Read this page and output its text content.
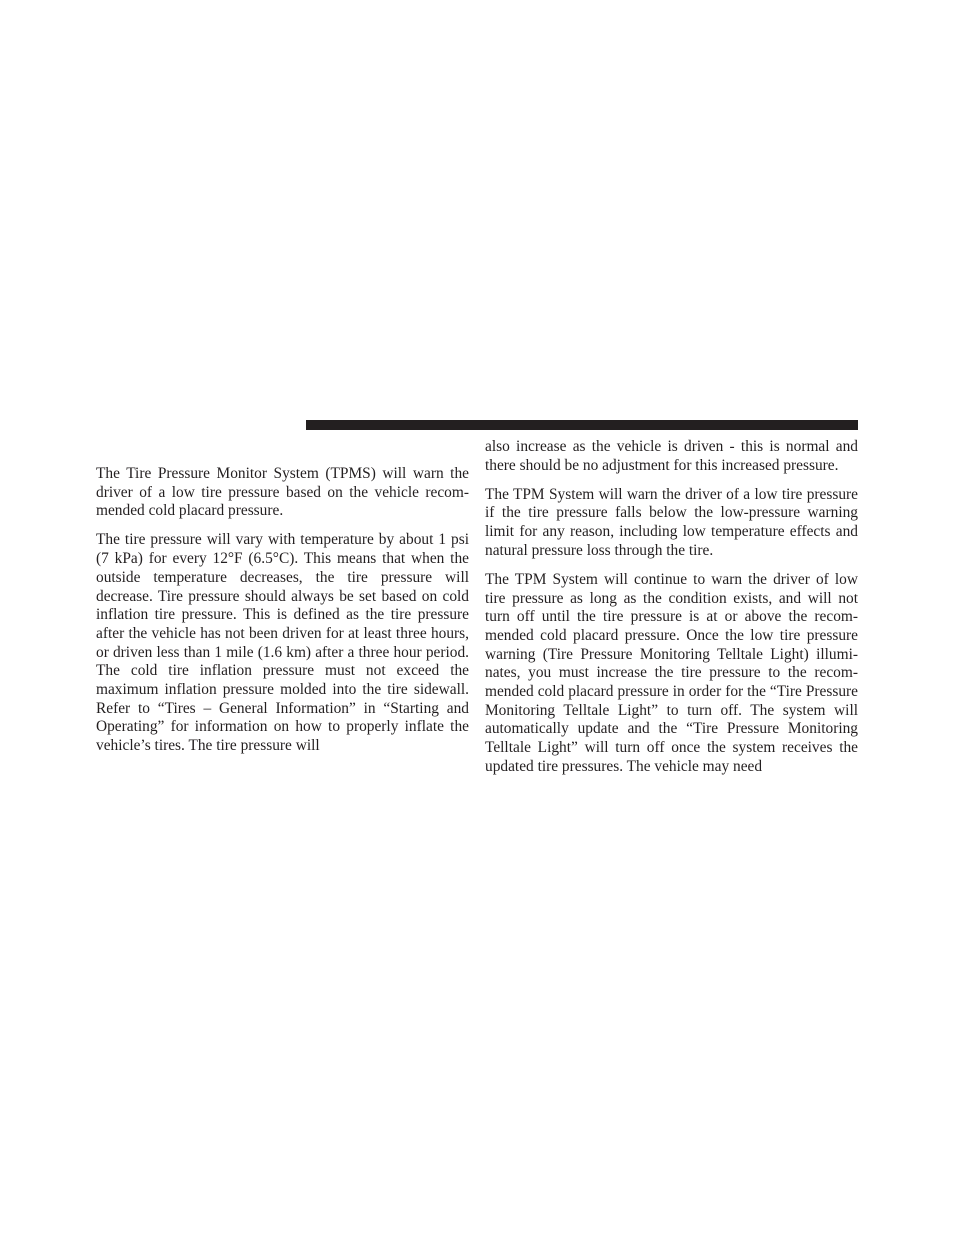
The Tire Pressure Monitor System (TPMS) will warn the driver of a low tire pressure based on the vehicle recommended cold placard pressure.

The tire pressure will vary with temperature by about 1 psi (7 kPa) for every 12°F (6.5°C). This means that when the outside temperature decreases, the tire pressure will decrease. Tire pressure should always be set based on cold inflation tire pressure. This is defined as the tire pressure after the vehicle has not been driven for at least three hours, or driven less than 1 mile (1.6 km) after a three hour period. The cold tire inflation pressure must not exceed the maximum inflation pressure molded into the tire sidewall. Refer to “Tires – General Information” in “Starting and Operating” for information on how to properly inflate the vehicle’s tires. The tire pressure will

also increase as the vehicle is driven - this is normal and there should be no adjustment for this increased pressure.

The TPM System will warn the driver of a low tire pressure if the tire pressure falls below the low-pressure warning limit for any reason, including low temperature effects and natural pressure loss through the tire.

The TPM System will continue to warn the driver of low tire pressure as long as the condition exists, and will not turn off until the tire pressure is at or above the recommended cold placard pressure. Once the low tire pressure warning (Tire Pressure Monitoring Telltale Light) illuminates, you must increase the tire pressure to the recommended cold placard pressure in order for the “Tire Pressure Monitoring Telltale Light” to turn off. The system will automatically update and the “Tire Pressure Monitoring Telltale Light” will turn off once the system receives the updated tire pressures. The vehicle may need
